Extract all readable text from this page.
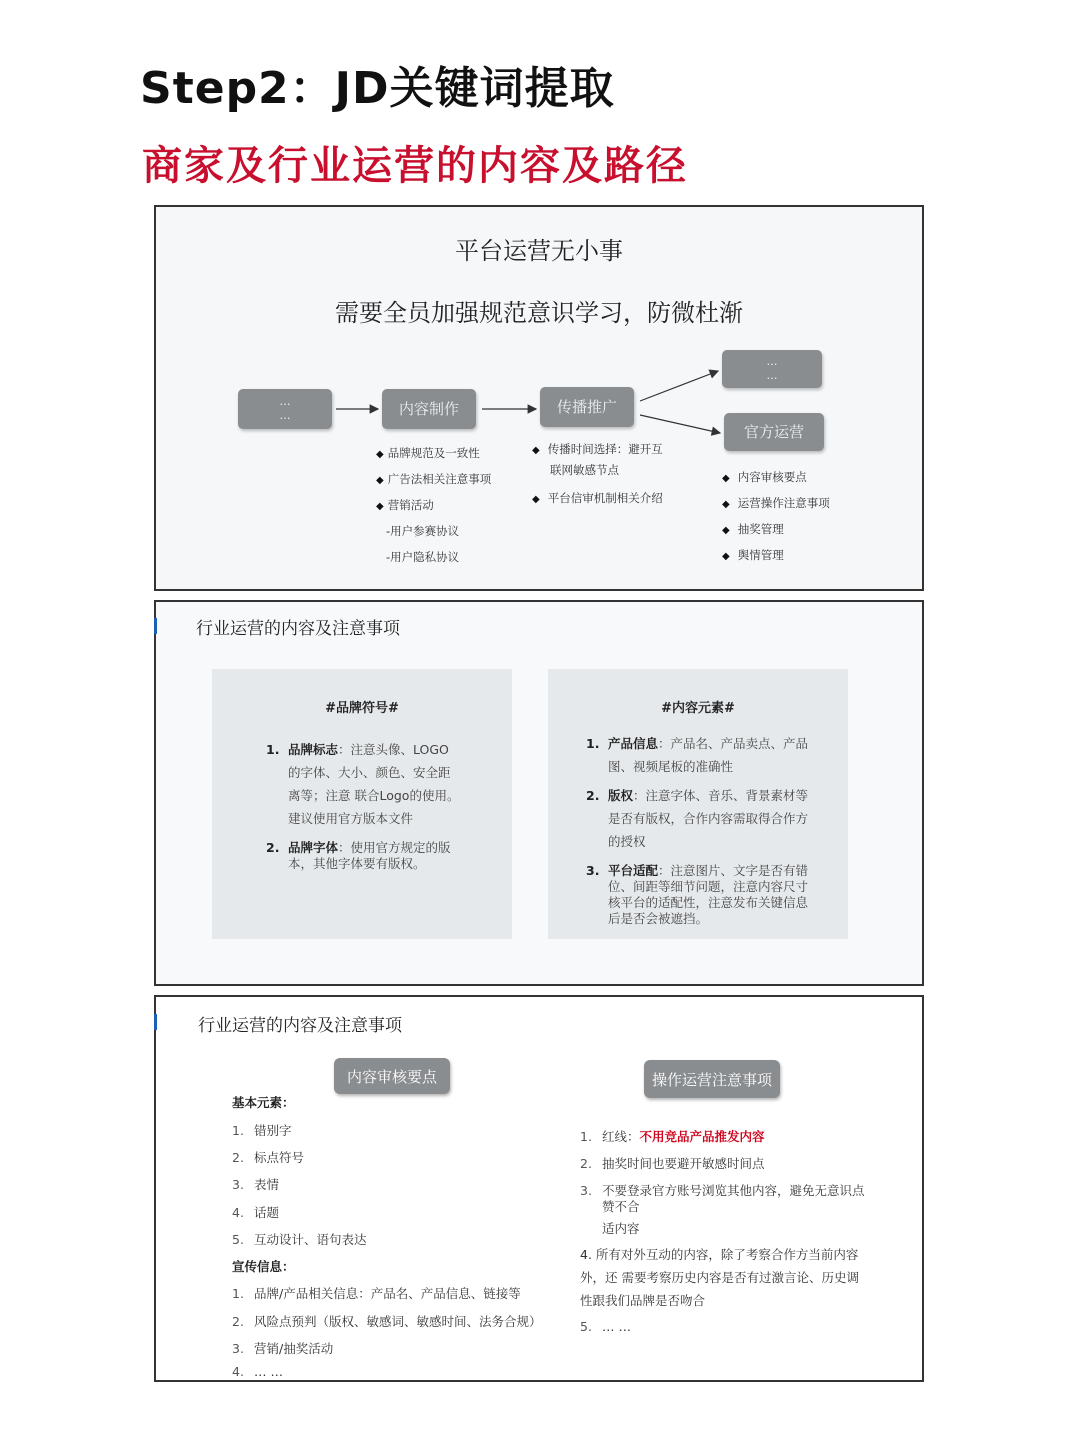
Step2：JD关键词提取
商家及行业运营的内容及路径
平台运营无小事
需要全员加强规范意识学习，防微杜渐
…
…	内容制作	传播推广
…
…
官方运营
◆ 品牌规范及一致性
◆ 广告法相关注意事项
◆ 营销活动
-用户参赛协议
-用户隐私协议
◆ 传播时间选择：避开互
联网敏感节点
◆ 平台信审机制相关介绍
◆ 内容审核要点
◆ 运营操作注意事项
◆ 抽奖管理
◆ 舆情管理
行业运营的内容及注意事项
#品牌符号#
1. 品牌标志：注意头像、LOGO
的字体、大小、颜色、安全距
离等；注意 联合Logo的使用。
建议使用官方版本文件
2. 品牌字体：使用官方规定的版
本，其他字体要有版权。
#内容元素#
1. 产品信息：产品名、产品卖点、产品
图、视频尾板的准确性
2. 版权：注意字体、音乐、背景素材等
是否有版权，合作内容需取得合作方
的授权
3. 平台适配：注意图片、文字是否有错
位、间距等细节问题，注意内容尺寸
核平台的适配性，注意发布关键信息
后是否会被遮挡。
行业运营的内容及注意事项
内容审核要点	操作运营注意事项
基本元素：
1. 错别字
2. 标点符号
3. 表情
4. 话题
5. 互动设计、语句表达
宣传信息：
1. 品牌/产品相关信息：产品名、产品信息、链接等
2. 风险点预判（版权、敏感词、敏感时间、法务合规）
3. 营销/抽奖活动
4. … …
1. 红线：不用竞品产品推发内容
2. 抽奖时间也要避开敏感时间点
3. 不要登录官方账号浏览其他内容，避免无意识点
赞不合
适内容
4. 所有对外互动的内容，除了考察合作方当前内容
外，还 需要考察历史内容是否有过激言论、历史调
性跟我们品牌是否吻合
5. … …
